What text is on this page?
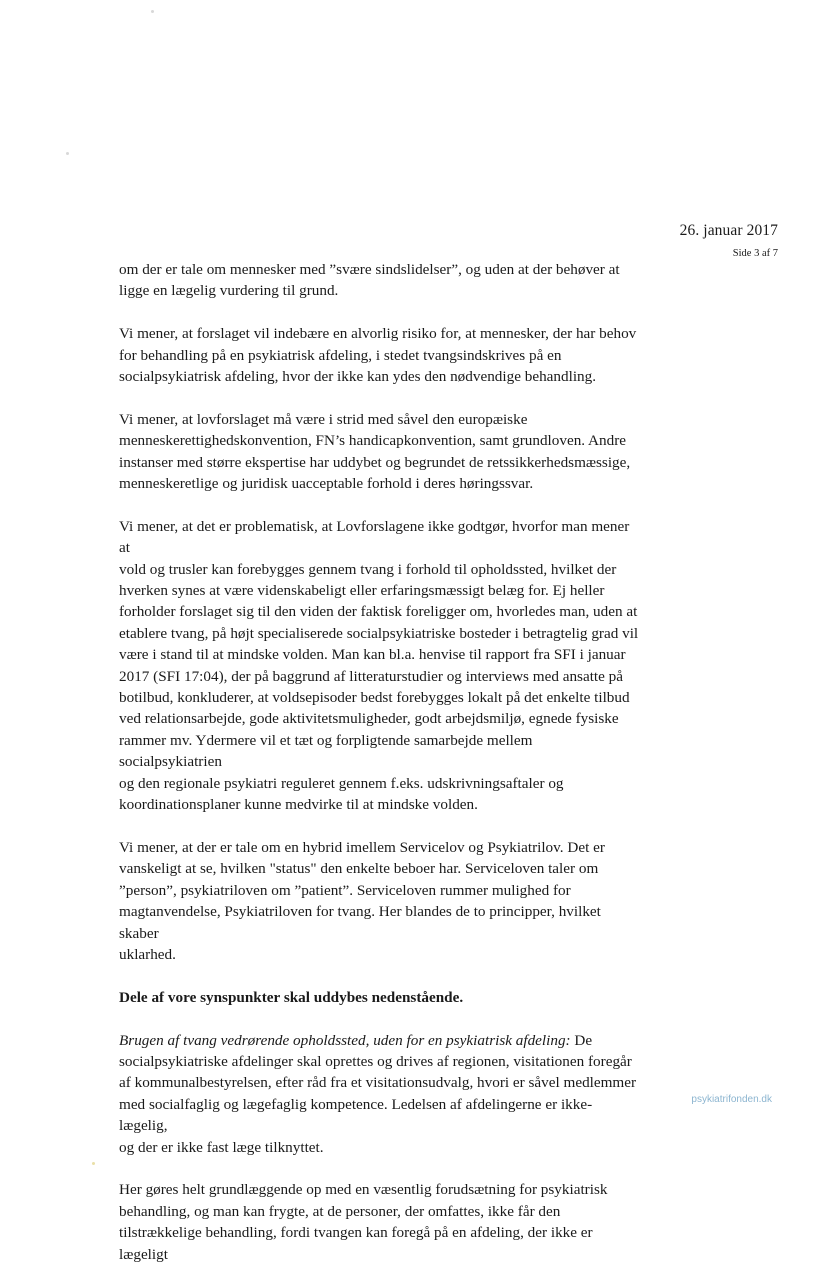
26. januar 2017
Side 3 af 7

om der er tale om mennesker med ”svære sindslidelser”, og uden at der behøver at

ligge en lægelig vurdering til grund.

Vi mener, at forslaget vil indebære en alvorlig risiko for, at mennesker, der har behov

for behandling på en psykiatrisk afdeling, i stedet tvangsindskrives på en

socialpsykiatrisk afdeling, hvor der ikke kan ydes den nødvendige behandling.

Vi mener, at lovforslaget må være i strid med såvel den europæiske

menneskerettighedskonvention, FN’s handicapkonvention, samt grundloven. Andre

instanser med større ekspertise har uddybet og begrundet de retssikkerhedsmæssige,

menneskeretlige og juridisk uacceptable forhold i deres høringssvar.

Vi mener, at det er problematisk, at Lovforslagene ikke godtgør, hvorfor man mener at

vold og trusler kan forebygges gennem tvang i forhold til opholdssted, hvilket der

hverken synes at være videnskabeligt eller erfaringsmæssigt belæg for. Ej heller

forholder forslaget sig til den viden der faktisk foreligger om, hvorledes man, uden at

etablere tvang, på højt specialiserede socialpsykiatriske bosteder i betragtelig grad vil

være i stand til at mindske volden. Man kan bl.a. henvise til rapport fra SFI i januar

2017 (SFI 17:04), der på baggrund af litteraturstudier og interviews med ansatte på

botilbud, konkluderer, at voldsepisoder bedst forebygges lokalt på det enkelte tilbud

ved relationsarbejde, gode aktivitetsmuligheder, godt arbejdsmiljø, egnede fysiske

rammer mv. Ydermere vil et tæt og forpligtende samarbejde mellem socialpsykiatrien

og den regionale psykiatri reguleret gennem f.eks. udskrivningsaftaler og

koordinationsplaner kunne medvirke til at mindske volden.

Vi mener, at der er tale om en hybrid imellem Servicelov og Psykiatrilov. Det er

vanskeligt at se, hvilken "status" den enkelte beboer har. Serviceloven taler om

”person”, psykiatriloven om ”patient”. Serviceloven rummer mulighed for

magtanvendelse, Psykiatriloven for tvang. Her blandes de to principper, hvilket skaber

uklarhed.

Dele af vore synspunkter skal uddybes nedenstående.

Brugen af tvang vedrørende opholdssted, uden for en psykiatrisk afdeling: De

socialpsykiatriske afdelinger skal oprettes og drives af regionen, visitationen foregår

af kommunalbestyrelsen, efter råd fra et visitationsudvalg, hvori er såvel medlemmer

med socialfaglig og lægefaglig kompetence. Ledelsen af afdelingerne er ikke-lægelig,

og der er ikke fast læge tilknyttet.

Her gøres helt grundlæggende op med en væsentlig forudsætning for psykiatrisk

behandling, og man kan frygte, at de personer, der omfattes, ikke får den

tilstrækkelige behandling, fordi tvangen kan foregå på en afdeling, der ikke er lægeligt

psykiatrifonden.dk
